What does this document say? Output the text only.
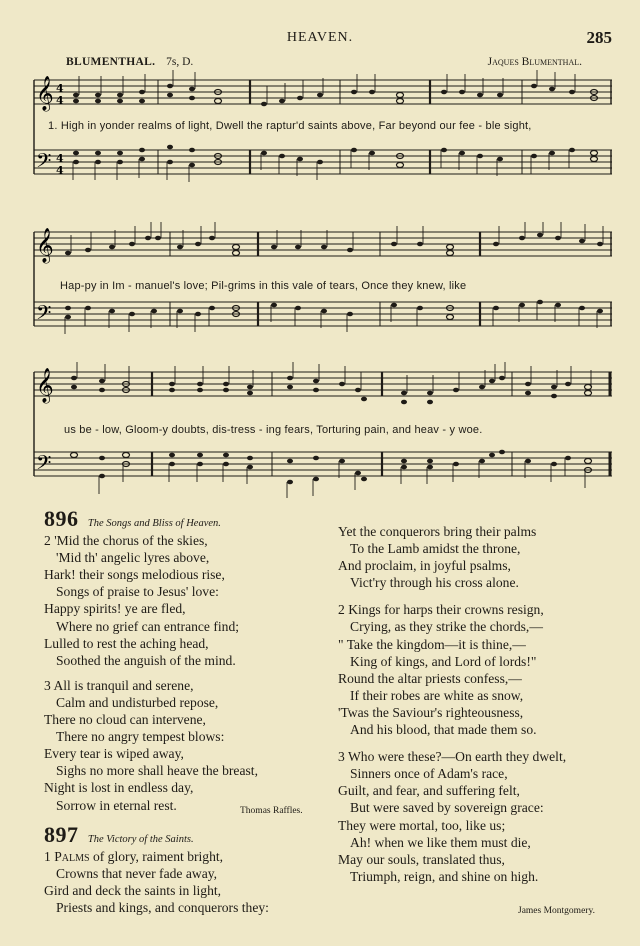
HEAVEN.	285
BLUMENTHAL. 7s, D.	Jaques Blumenthal.
𝄞
𝄢
4
4
4
4
1. High in yonder realms of light, Dwell the raptur'd saints above, Far beyond our fee - ble sight,
𝄞
𝄢
Hap-py in Im - manuel's love; Pil-grims in this vale of tears, Once they knew, like
𝄞
𝄢
us be - low, Gloom-y doubts, dis-tress - ing fears, Torturing pain, and heav - y woe.
896 The Songs and Bliss of Heaven.
2 'Mid the chorus of the skies,
'Mid th' angelic lyres above,
Hark! their songs melodious rise,
Songs of praise to Jesus' love:
Happy spirits! ye are fled,
Where no grief can entrance find;
Lulled to rest the aching head,
Soothed the anguish of the mind.
3 All is tranquil and serene,
Calm and undisturbed repose,
There no cloud can intervene,
There no angry tempest blows:
Every tear is wiped away,
Sighs no more shall heave the breast,
Night is lost in endless day,
Sorrow in eternal rest.	Thomas Raffles.
897 The Victory of the Saints.
1 Palms of glory, raiment bright,
Crowns that never fade away,
Gird and deck the saints in light,
Priests and kings, and conquerors they:
Yet the conquerors bring their palms
To the Lamb amidst the throne,
And proclaim, in joyful psalms,
Vict'ry through his cross alone.
2 Kings for harps their crowns resign,
Crying, as they strike the chords,—
" Take the kingdom—it is thine,—
King of kings, and Lord of lords!"
Round the altar priests confess,—
If their robes are white as snow,
'Twas the Saviour's righteousness,
And his blood, that made them so.
3 Who were these?—On earth they dwelt,
Sinners once of Adam's race,
Guilt, and fear, and suffering felt,
But were saved by sovereign grace:
They were mortal, too, like us;
Ah! when we like them must die,
May our souls, translated thus,
Triumph, reign, and shine on high.
James Montgomery.
